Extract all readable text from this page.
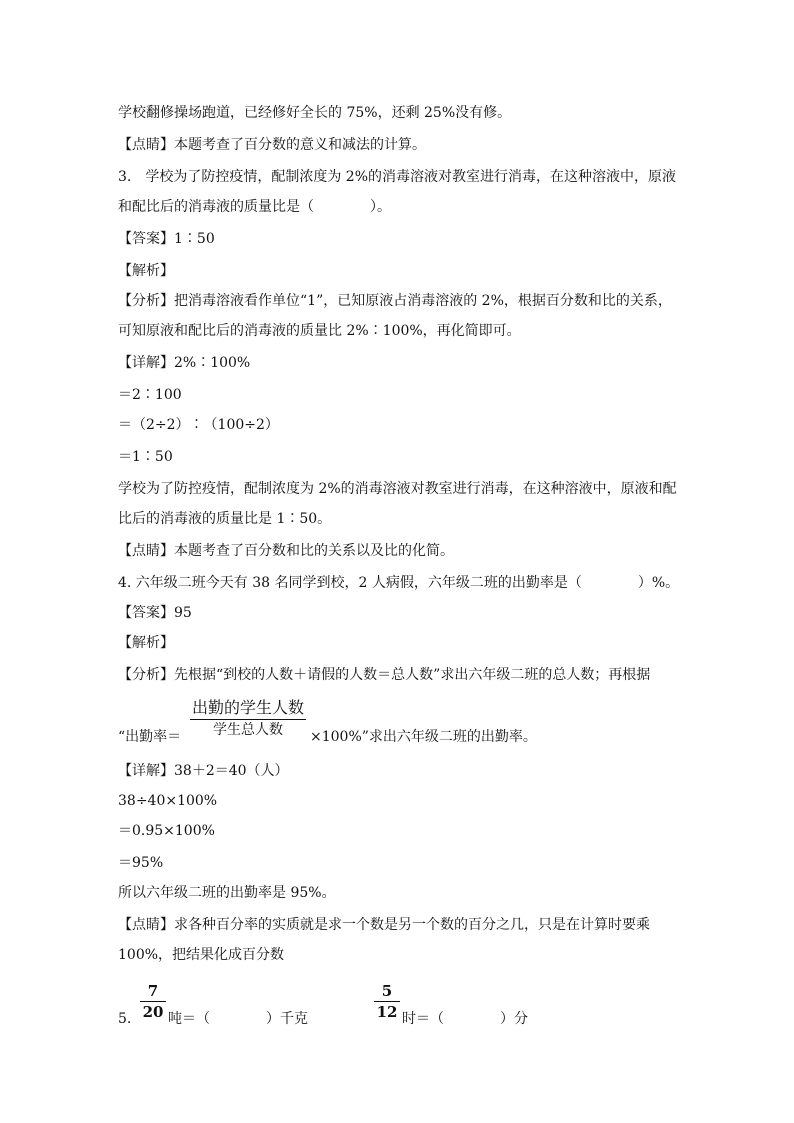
学校翻修操场跑道，已经修好全长的 75%，还剩 25%没有修。
【点睛】本题考查了百分数的意义和减法的计算。
3.　学校为了防控疫情，配制浓度为 2%的消毒溶液对教室进行消毒，在这种溶液中，原液
和配比后的消毒液的质量比是（　　　　）。
【答案】1∶50
【解析】
【分析】把消毒溶液看作单位“1”，已知原液占消毒溶液的 2%，根据百分数和比的关系，
可知原液和配比后的消毒液的质量比 2%∶100%，再化简即可。
【详解】2%∶100%
＝2∶100
＝（2÷2）∶（100÷2）
＝1∶50
学校为了防控疫情，配制浓度为 2%的消毒溶液对教室进行消毒，在这种溶液中，原液和配
比后的消毒液的质量比是 1∶50。
【点睛】本题考查了百分数和比的关系以及比的化简。
4. 六年级二班今天有 38 名同学到校，2 人病假，六年级二班的出勤率是（　　　　）%。
【答案】95
【解析】
【分析】先根据“到校的人数＋请假的人数＝总人数”求出六年级二班的总人数；再根据
“出勤率＝
出勤的学生人数
学生总人数	×100%”求出六年级二班的出勤率。
【详解】38＋2＝40（人）
38÷40×100%
＝0.95×100%
＝95%
所以六年级二班的出勤率是 95%。
【点睛】求各种百分率的实质就是求一个数是另一个数的百分之几，只是在计算时要乘
100%，把结果化成百分数
5.
7
20 吨＝（　　　　）千克
5
12 时＝（　　　　）分
